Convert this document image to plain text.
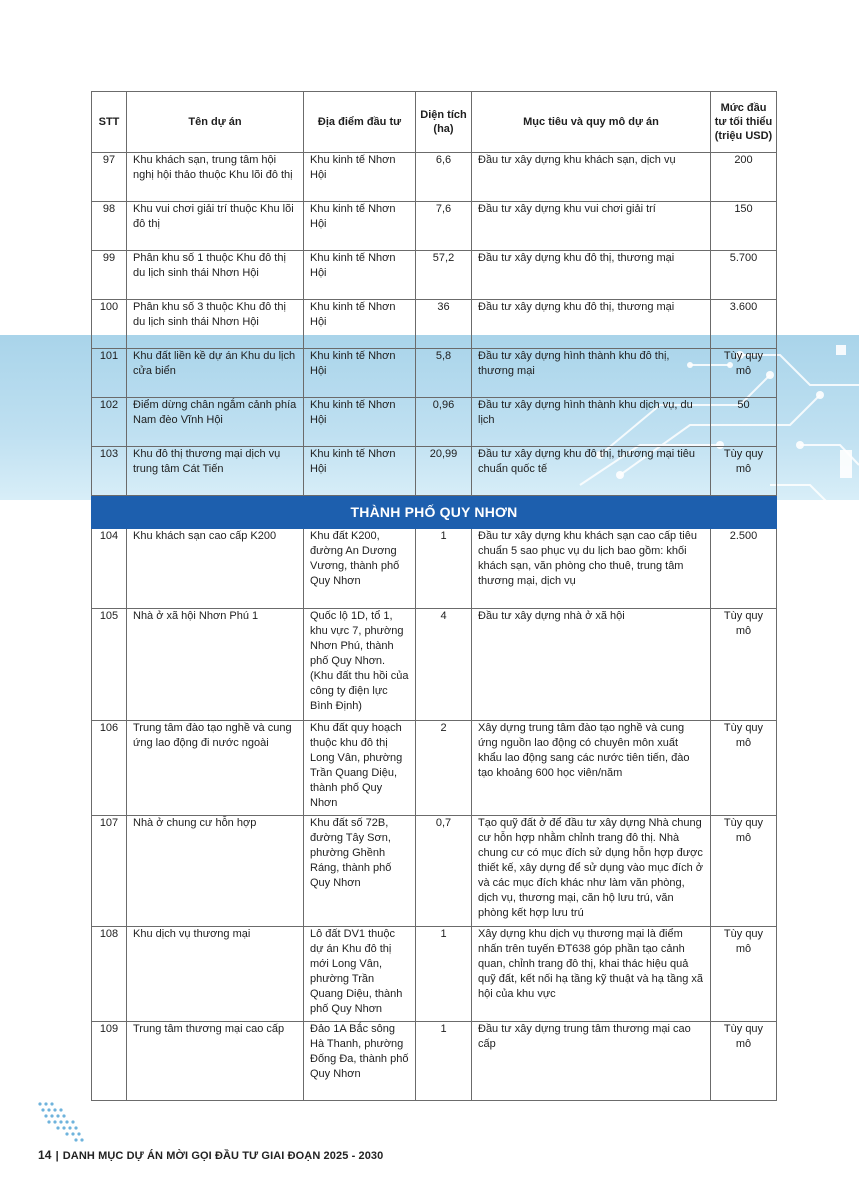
STT	Tên dự án	Địa điểm đầu tư	Diện tích (ha)	Mục tiêu và quy mô dự án	Mức đầu tư tối thiểu (triệu USD)
97	Khu khách sạn, trung tâm hội nghị hội thảo thuộc Khu lõi đô thị	Khu kinh tế Nhơn Hội	6,6	Đầu tư xây dựng khu khách sạn, dịch vụ	200
98	Khu vui chơi giải trí thuộc Khu lõi đô thị	Khu kinh tế Nhơn Hội	7,6	Đầu tư xây dựng khu vui chơi giải trí	150
99	Phân khu số 1 thuộc Khu đô thị du lịch sinh thái Nhơn Hội	Khu kinh tế Nhơn Hội	57,2	Đầu tư xây dựng khu đô thị, thương mại	5.700
100	Phân khu số 3 thuộc Khu đô thị du lịch sinh thái Nhơn Hội	Khu kinh tế Nhơn Hội	36	Đầu tư xây dựng khu đô thị, thương mại	3.600
101	Khu đất liền kề dự án Khu du lịch cửa biển	Khu kinh tế Nhơn Hội	5,8	Đầu tư xây dựng hình thành khu đô thị, thương mại	Tùy quy mô
102	Điểm dừng chân ngắm cảnh phía Nam đèo Vĩnh Hội	Khu kinh tế Nhơn Hội	0,96	Đầu tư xây dựng hình thành khu dịch vụ, du lịch	50
103	Khu đô thị thương mại dịch vụ trung tâm Cát Tiến	Khu kinh tế Nhơn Hội	20,99	Đầu tư xây dựng khu đô thị, thương mại tiêu chuẩn quốc tế	Tùy quy mô
THÀNH PHỐ QUY NHƠN					
104	Khu khách sạn cao cấp K200	Khu đất K200, đường An Dương Vương, thành phố Quy Nhơn	1	Đầu tư xây dựng khu khách sạn cao cấp tiêu chuẩn 5 sao phục vụ du lịch bao gồm: khối khách sạn, văn phòng cho thuê, trung tâm thương mại, dịch vụ	2.500
105	Nhà ở xã hội Nhơn Phú 1	Quốc lộ 1D, tổ 1, khu vực 7, phường Nhơn Phú, thành phố Quy Nhơn. (Khu đất thu hồi của công ty điện lực Bình Định)	4	Đầu tư xây dựng nhà ở xã hội	Tùy quy mô
106	Trung tâm đào tạo nghề và cung ứng lao động đi nước ngoài	Khu đất quy hoạch thuộc khu đô thị Long Vân, phường Trần Quang Diệu, thành phố Quy Nhơn	2	Xây dựng trung tâm đào tạo nghề và cung ứng nguồn lao động có chuyên môn xuất khẩu lao động sang các nước tiên tiến, đào tạo khoảng 600 học viên/năm	Tùy quy mô
107	Nhà ở chung cư hỗn hợp	Khu đất số 72B, đường Tây Sơn, phường Ghềnh Ráng, thành phố Quy Nhơn	0,7	Tạo quỹ đất ở để đầu tư xây dựng Nhà chung cư hỗn hợp nhằm chỉnh trang đô thị. Nhà chung cư có mục đích sử dụng hỗn hợp được thiết kế, xây dựng để sử dụng vào mục đích ở và các mục đích khác như làm văn phòng, dịch vụ, thương mại, căn hộ lưu trú, văn phòng kết hợp lưu trú	Tùy quy mô
108	Khu dịch vụ thương mại	Lô đất DV1 thuộc dự án Khu đô thị mới Long Vân, phường Trần Quang Diệu, thành phố Quy Nhơn	1	Xây dựng khu dịch vụ thương mại là điểm nhấn trên tuyến ĐT638 góp phần tạo cảnh quan, chỉnh trang đô thị, khai thác hiệu quả quỹ đất, kết nối hạ tầng kỹ thuật và hạ tầng xã hội của khu vực	Tùy quy mô
109	Trung tâm thương mại cao cấp	Đảo 1A Bắc sông Hà Thanh, phường Đống Đa, thành phố Quy Nhơn	1	Đầu tư xây dựng trung tâm thương mại cao cấp	Tùy quy mô
14 | DANH MỤC DỰ ÁN MỜI GỌI ĐẦU TƯ GIAI ĐOẠN 2025 - 2030
